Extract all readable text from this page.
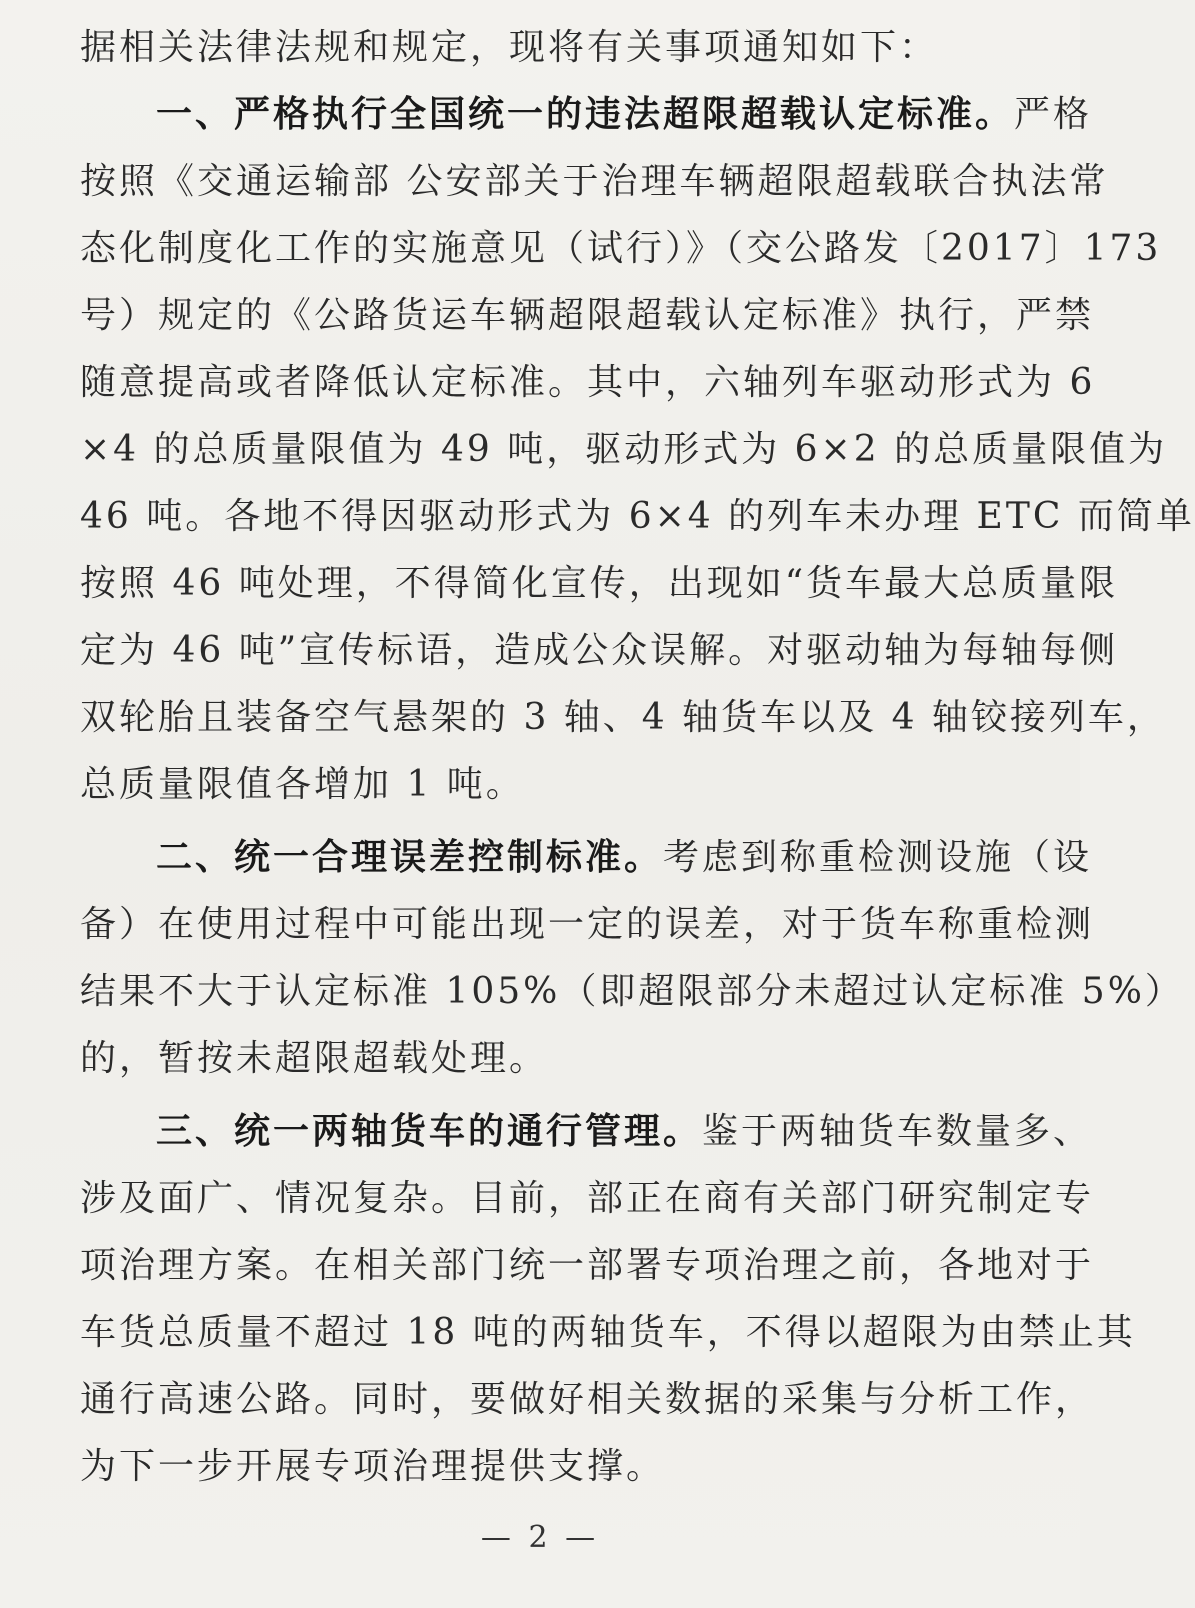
据相关法律法规和规定，现将有关事项通知如下：
一、严格执行全国统一的违法超限超载认定标准。严格
按照《交通运输部 公安部关于治理车辆超限超载联合执法常
态化制度化工作的实施意见（试行）》（交公路发〔2017〕173
号）规定的《公路货运车辆超限超载认定标准》执行，严禁
随意提高或者降低认定标准。其中，六轴列车驱动形式为 6
×4 的总质量限值为 49 吨，驱动形式为 6×2 的总质量限值为
46 吨。各地不得因驱动形式为 6×4 的列车未办理 ETC 而简单
按照 46 吨处理，不得简化宣传，出现如“货车最大总质量限
定为 46 吨”宣传标语，造成公众误解。对驱动轴为每轴每侧
双轮胎且装备空气悬架的 3 轴、4 轴货车以及 4 轴铰接列车，
总质量限值各增加 1 吨。
二、统一合理误差控制标准。考虑到称重检测设施（设
备）在使用过程中可能出现一定的误差，对于货车称重检测
结果不大于认定标准 105%（即超限部分未超过认定标准 5%）
的，暂按未超限超载处理。
三、统一两轴货车的通行管理。鉴于两轴货车数量多、
涉及面广、情况复杂。目前，部正在商有关部门研究制定专
项治理方案。在相关部门统一部署专项治理之前，各地对于
车货总质量不超过 18 吨的两轴货车，不得以超限为由禁止其
通行高速公路。同时，要做好相关数据的采集与分析工作，
为下一步开展专项治理提供支撑。
— 2 —
